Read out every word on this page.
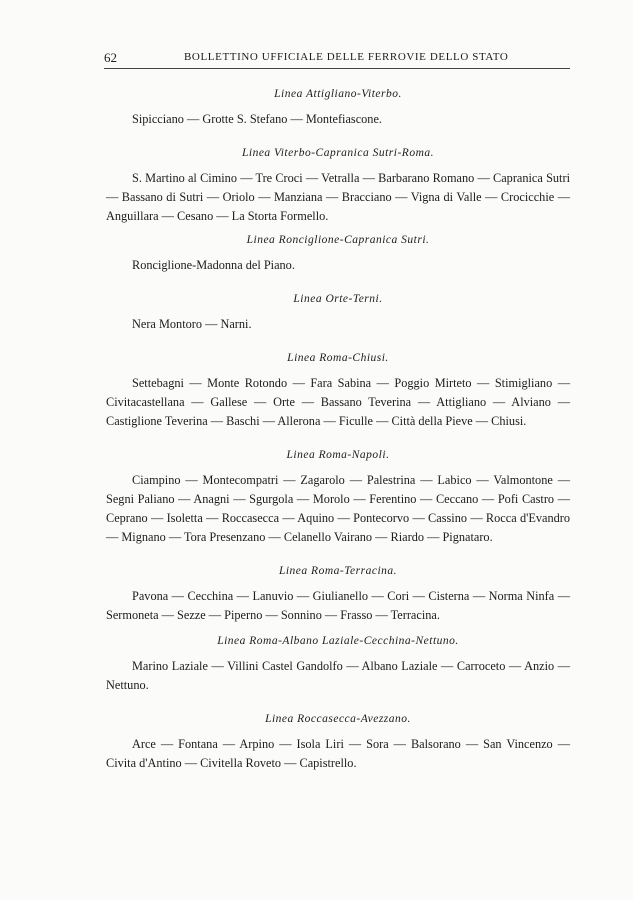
62	BOLLETTINO UFFICIALE DELLE FERROVIE DELLO STATO

Linea Attigliano-Viterbo.

Sipicciano — Grotte S. Stefano — Montefiascone.

Linea Viterbo-Capranica Sutri-Roma.

S. Martino al Cimino — Tre Croci — Vetralla — Barbarano Romano — Capranica Sutri — Bassano di Sutri — Oriolo — Manziana — Bracciano — Vigna di Valle — Crocicchie — Anguillara — Cesano — La Storta Formello.

Linea Ronciglione-Capranica Sutri.

Ronciglione-Madonna del Piano.

Linea Orte-Terni.

Nera Montoro — Narni.

Linea Roma-Chiusi.

Settebagni — Monte Rotondo — Fara Sabina — Poggio Mirteto — Stimigliano — Civitacastellana — Gallese — Orte — Bassano Teverina — Attigliano — Alviano — Castiglione Teverina — Baschi — Allerona — Ficulle — Città della Pieve — Chiusi.

Linea Roma-Napoli.

Ciampino — Montecompatri — Zagarolo — Palestrina — Labico — Valmontone — Segni Paliano — Anagni — Sgurgola — Morolo — Ferentino — Ceccano — Pofi Castro — Ceprano — Isoletta — Roccasecca — Aquino — Pontecorvo — Cassino — Rocca d'Evandro — Mignano — Tora Presenzano — Celanello Vairano — Riardo — Pignataro.

Linea Roma-Terracina.

Pavona — Cecchina — Lanuvio — Giulianello — Cori — Cisterna — Norma Ninfa — Sermoneta — Sezze — Piperno — Sonnino — Frasso — Terracina.

Linea Roma-Albano Laziale-Cecchina-Nettuno.

Marino Laziale — Villini Castel Gandolfo — Albano Laziale — Carroceto — Anzio — Nettuno.

Linea Roccasecca-Avezzano.

Arce — Fontana — Arpino — Isola Liri — Sora — Balsorano — San Vincenzo — Civita d'Antino — Civitella Roveto — Capistrello.
